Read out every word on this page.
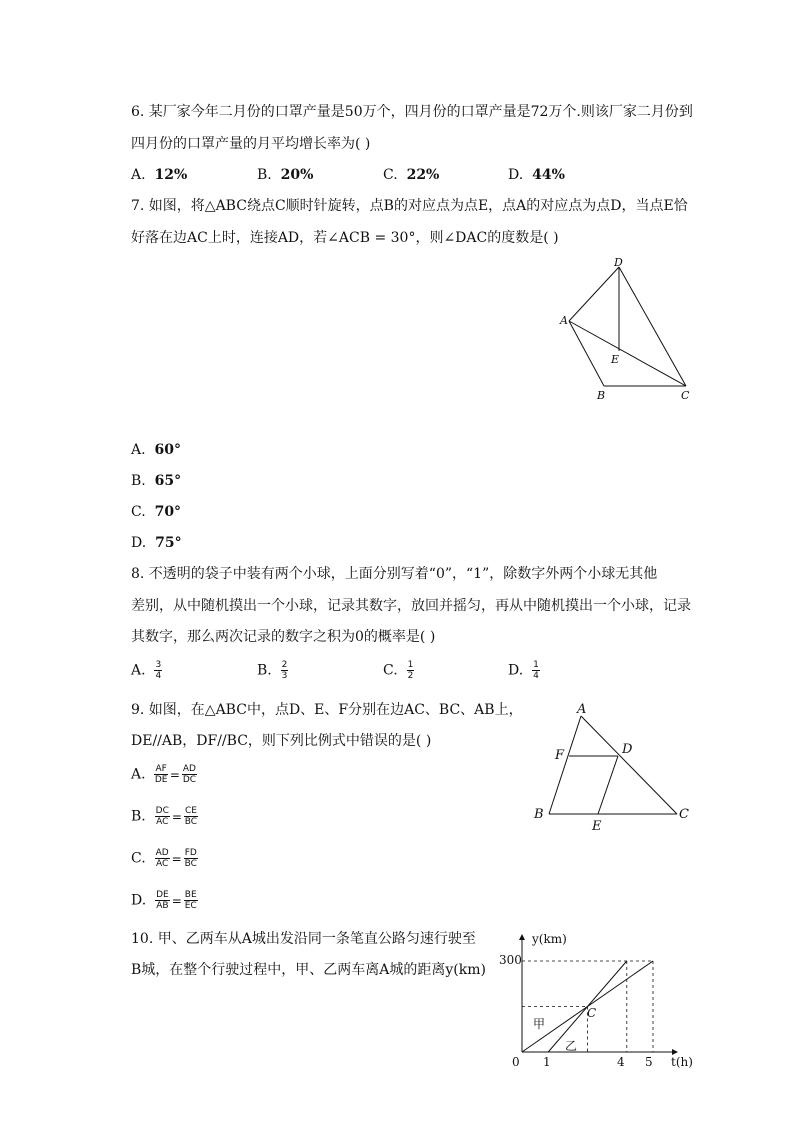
6. 某厂家今年二月份的口罩产量是50万个，四月份的口罩产量是72万个.则该厂家二月份到
四月份的口罩产量的月平均增长率为( )
A. 12%	B. 20%	C. 22%	D. 44%
7. 如图，将△ABC绕点C顺时针旋转，点B的对应点为点E，点A的对应点为点D，当点E恰
好落在边AC上时，连接AD，若∠ACB = 30°，则∠DAC的度数是( )
D
A
E
B	C
A. 60°
B. 65°
C. 70°
D. 75°
8. 不透明的袋子中装有两个小球，上面分别写着“0”，“1”，除数字外两个小球无其他
差别，从中随机摸出一个小球，记录其数字，放回并摇匀，再从中随机摸出一个小球，记录
其数字，那么两次记录的数字之积为0的概率是( )
A. $\frac{3}{4}$	B. $\frac{2}{3}$	C. $\frac{1}{2}$	D. $\frac{1}{4}$
9. 如图，在△ABC中，点D、E、F分别在边AC、BC、AB上，
DE//AB，DF//BC，则下列比例式中错误的是( )
A. $\frac{AF}{DE} = \frac{AD}{DC}$
B. $\frac{DC}{AC} = \frac{CE}{BC}$
C. $\frac{AD}{AC} = \frac{FD}{BC}$
D. $\frac{DE}{AB} = \frac{BE}{EC}$
A
F	D
B
E
C
10. 甲、乙两车从A城出发沿同一条笔直公路匀速行驶至
B城，在整个行驶过程中，甲、乙两车离A城的距离y(km)
y(km)
t(h)
0
300
1	4 5
C
甲
乙
